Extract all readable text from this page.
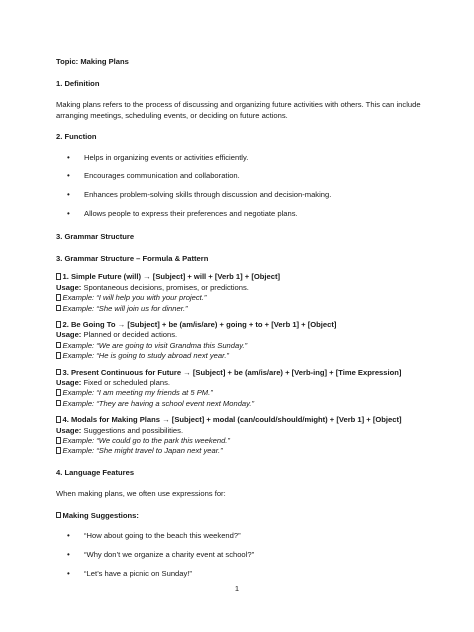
Topic: Making Plans

1. Definition

Making plans refers to the process of discussing and organizing future activities with others. This can include arranging meetings, scheduling events, or deciding on future actions.

2. Function

• Helps in organizing events or activities efficiently.
• Encourages communication and collaboration.
• Enhances problem-solving skills through discussion and decision-making.
• Allows people to express their preferences and negotiate plans.

3. Grammar Structure

3. Grammar Structure – Formula & Pattern

1. Simple Future (will) → [Subject] + will + [Verb 1] + [Object]

Usage: Spontaneous decisions, promises, or predictions.

Example: “I will help you with your project.”

Example: “She will join us for dinner.”

2. Be Going To → [Subject] + be (am/is/are) + going + to + [Verb 1] + [Object]

Usage: Planned or decided actions.

Example: “We are going to visit Grandma this Sunday.”

Example: “He is going to study abroad next year.”

3. Present Continuous for Future → [Subject] + be (am/is/are) + [Verb-ing] + [Time Expression]

Usage: Fixed or scheduled plans.

Example: “I am meeting my friends at 5 PM.”

Example: “They are having a school event next Monday.”

4. Modals for Making Plans → [Subject] + modal (can/could/should/might) + [Verb 1] + [Object]

Usage: Suggestions and possibilities.

Example: “We could go to the park this weekend.”

Example: “She might travel to Japan next year.”

4. Language Features

When making plans, we often use expressions for:

Making Suggestions:

• “How about going to the beach this weekend?”
• “Why don’t we organize a charity event at school?”
• “Let’s have a picnic on Sunday!”
1
